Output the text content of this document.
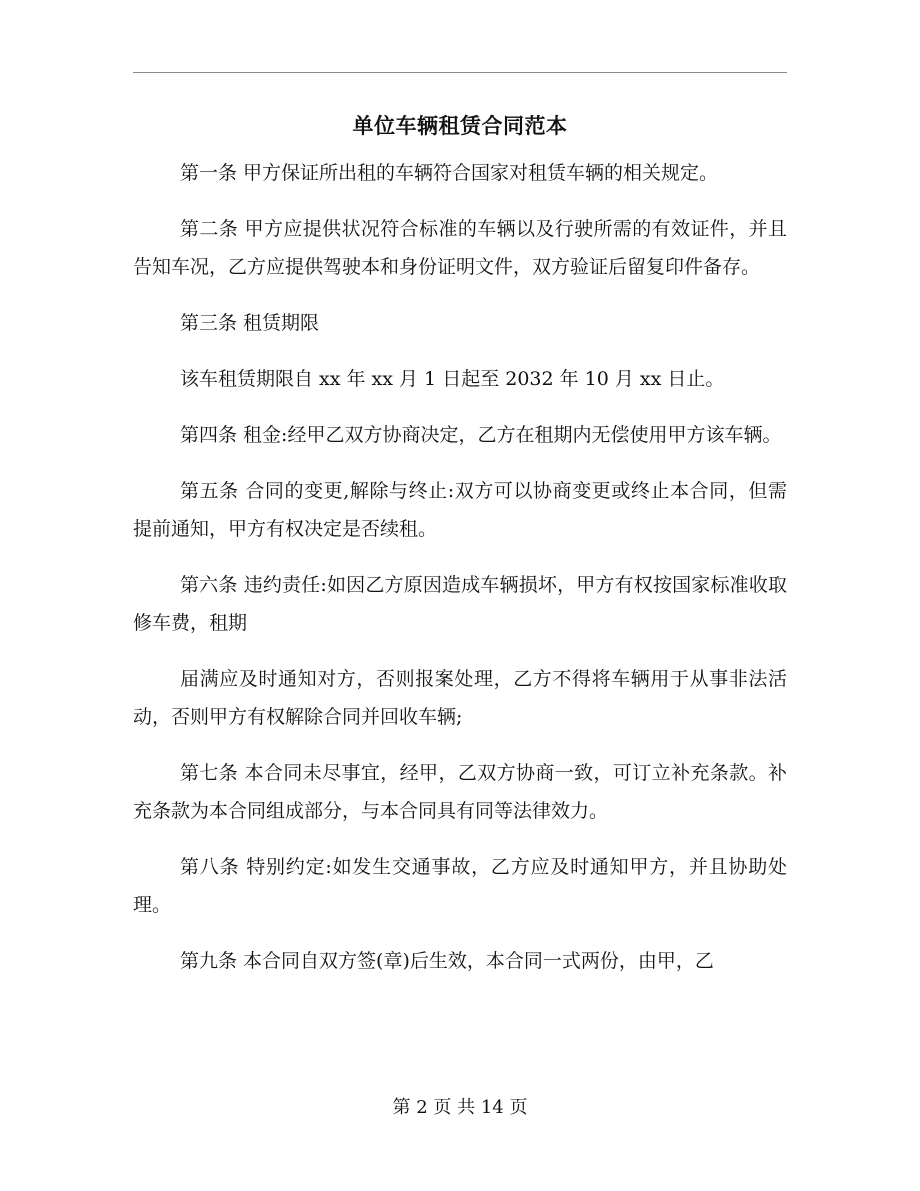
单位车辆租赁合同范本

第一条 甲方保证所出租的车辆符合国家对租赁车辆的相关规定。

第二条 甲方应提供状况符合标准的车辆以及行驶所需的有效证件，并且告知车况，乙方应提供驾驶本和身份证明文件，双方验证后留复印件备存。

第三条 租赁期限

该车租赁期限自 xx 年 xx 月 1 日起至 2032 年 10 月 xx 日止。

第四条 租金:经甲乙双方协商决定，乙方在租期内无偿使用甲方该车辆。

第五条 合同的变更,解除与终止:双方可以协商变更或终止本合同，但需提前通知，甲方有权决定是否续租。

第六条 违约责任:如因乙方原因造成车辆损坏，甲方有权按国家标准收取修车费，租期

届满应及时通知对方，否则报案处理，乙方不得将车辆用于从事非法活动，否则甲方有权解除合同并回收车辆;

第七条 本合同未尽事宜，经甲，乙双方协商一致，可订立补充条款。补充条款为本合同组成部分，与本合同具有同等法律效力。

第八条 特别约定:如发生交通事故，乙方应及时通知甲方，并且协助处理。

第九条 本合同自双方签(章)后生效，本合同一式两份，由甲，乙

第 2 页 共 14 页
